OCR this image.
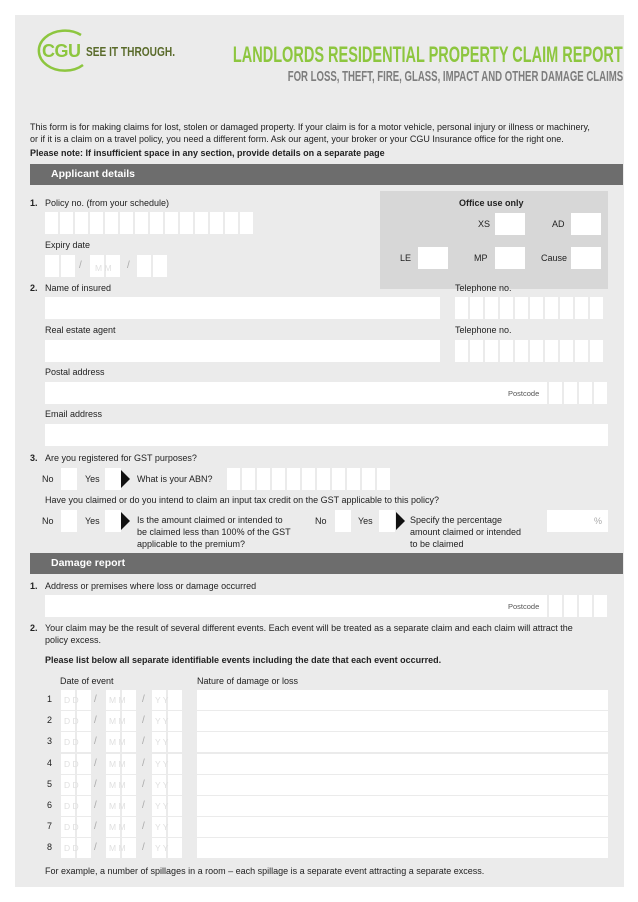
CGU SEE IT THROUGH.	LANDLORDS RESIDENTIAL PROPERTY CLAIM REPORT
FOR LOSS, THEFT, FIRE, GLASS, IMPACT AND OTHER DAMAGE CLAIMS
This form is for making claims for lost, stolen or damaged property. If your claim is for a motor vehicle, personal injury or illness or machinery,
or if it is a claim on a travel policy, you need a different form. Ask our agent, your broker or your CGU Insurance office for the right one.
Please note: If insufficient space in any section, provide details on a separate page
Applicant details
1. Policy no. (from your schedule)
Expiry date
/	/
M M
Office use only
XS	AD
LE	MP	Cause
2. Name of insured	Telephone no.
Real estate agent	Telephone no.
Postal address
Postcode
Email address
3. Are you registered for GST purposes?
No	Yes	What is your ABN?
Have you claimed or do you intend to claim an input tax credit on the GST applicable to this policy?
No	Yes	Is the amount claimed or intended to
be claimed less than 100% of the GST
applicable to the premium?
No	Yes	Specify the percentage
amount claimed or intended
to be claimed
%
Damage report
1. Address or premises where loss or damage occurred
Postcode
2. Your claim may be the result of several different events. Each event will be treated as a separate claim and each claim will attract the
policy excess.
Please list below all separate identifiable events including the date that each event occurred.
Date of event	Nature of damage or loss
1 D D / M M / Y Y
2 D D / M M / Y Y
3 D D / M M / Y Y
4 D D / M M / Y Y
5 D D / M M / Y Y
6 D D / M M / Y Y
7 D D / M M / Y Y
8 D D / M M / Y Y
For example, a number of spillages in a room – each spillage is a separate event attracting a separate excess.
